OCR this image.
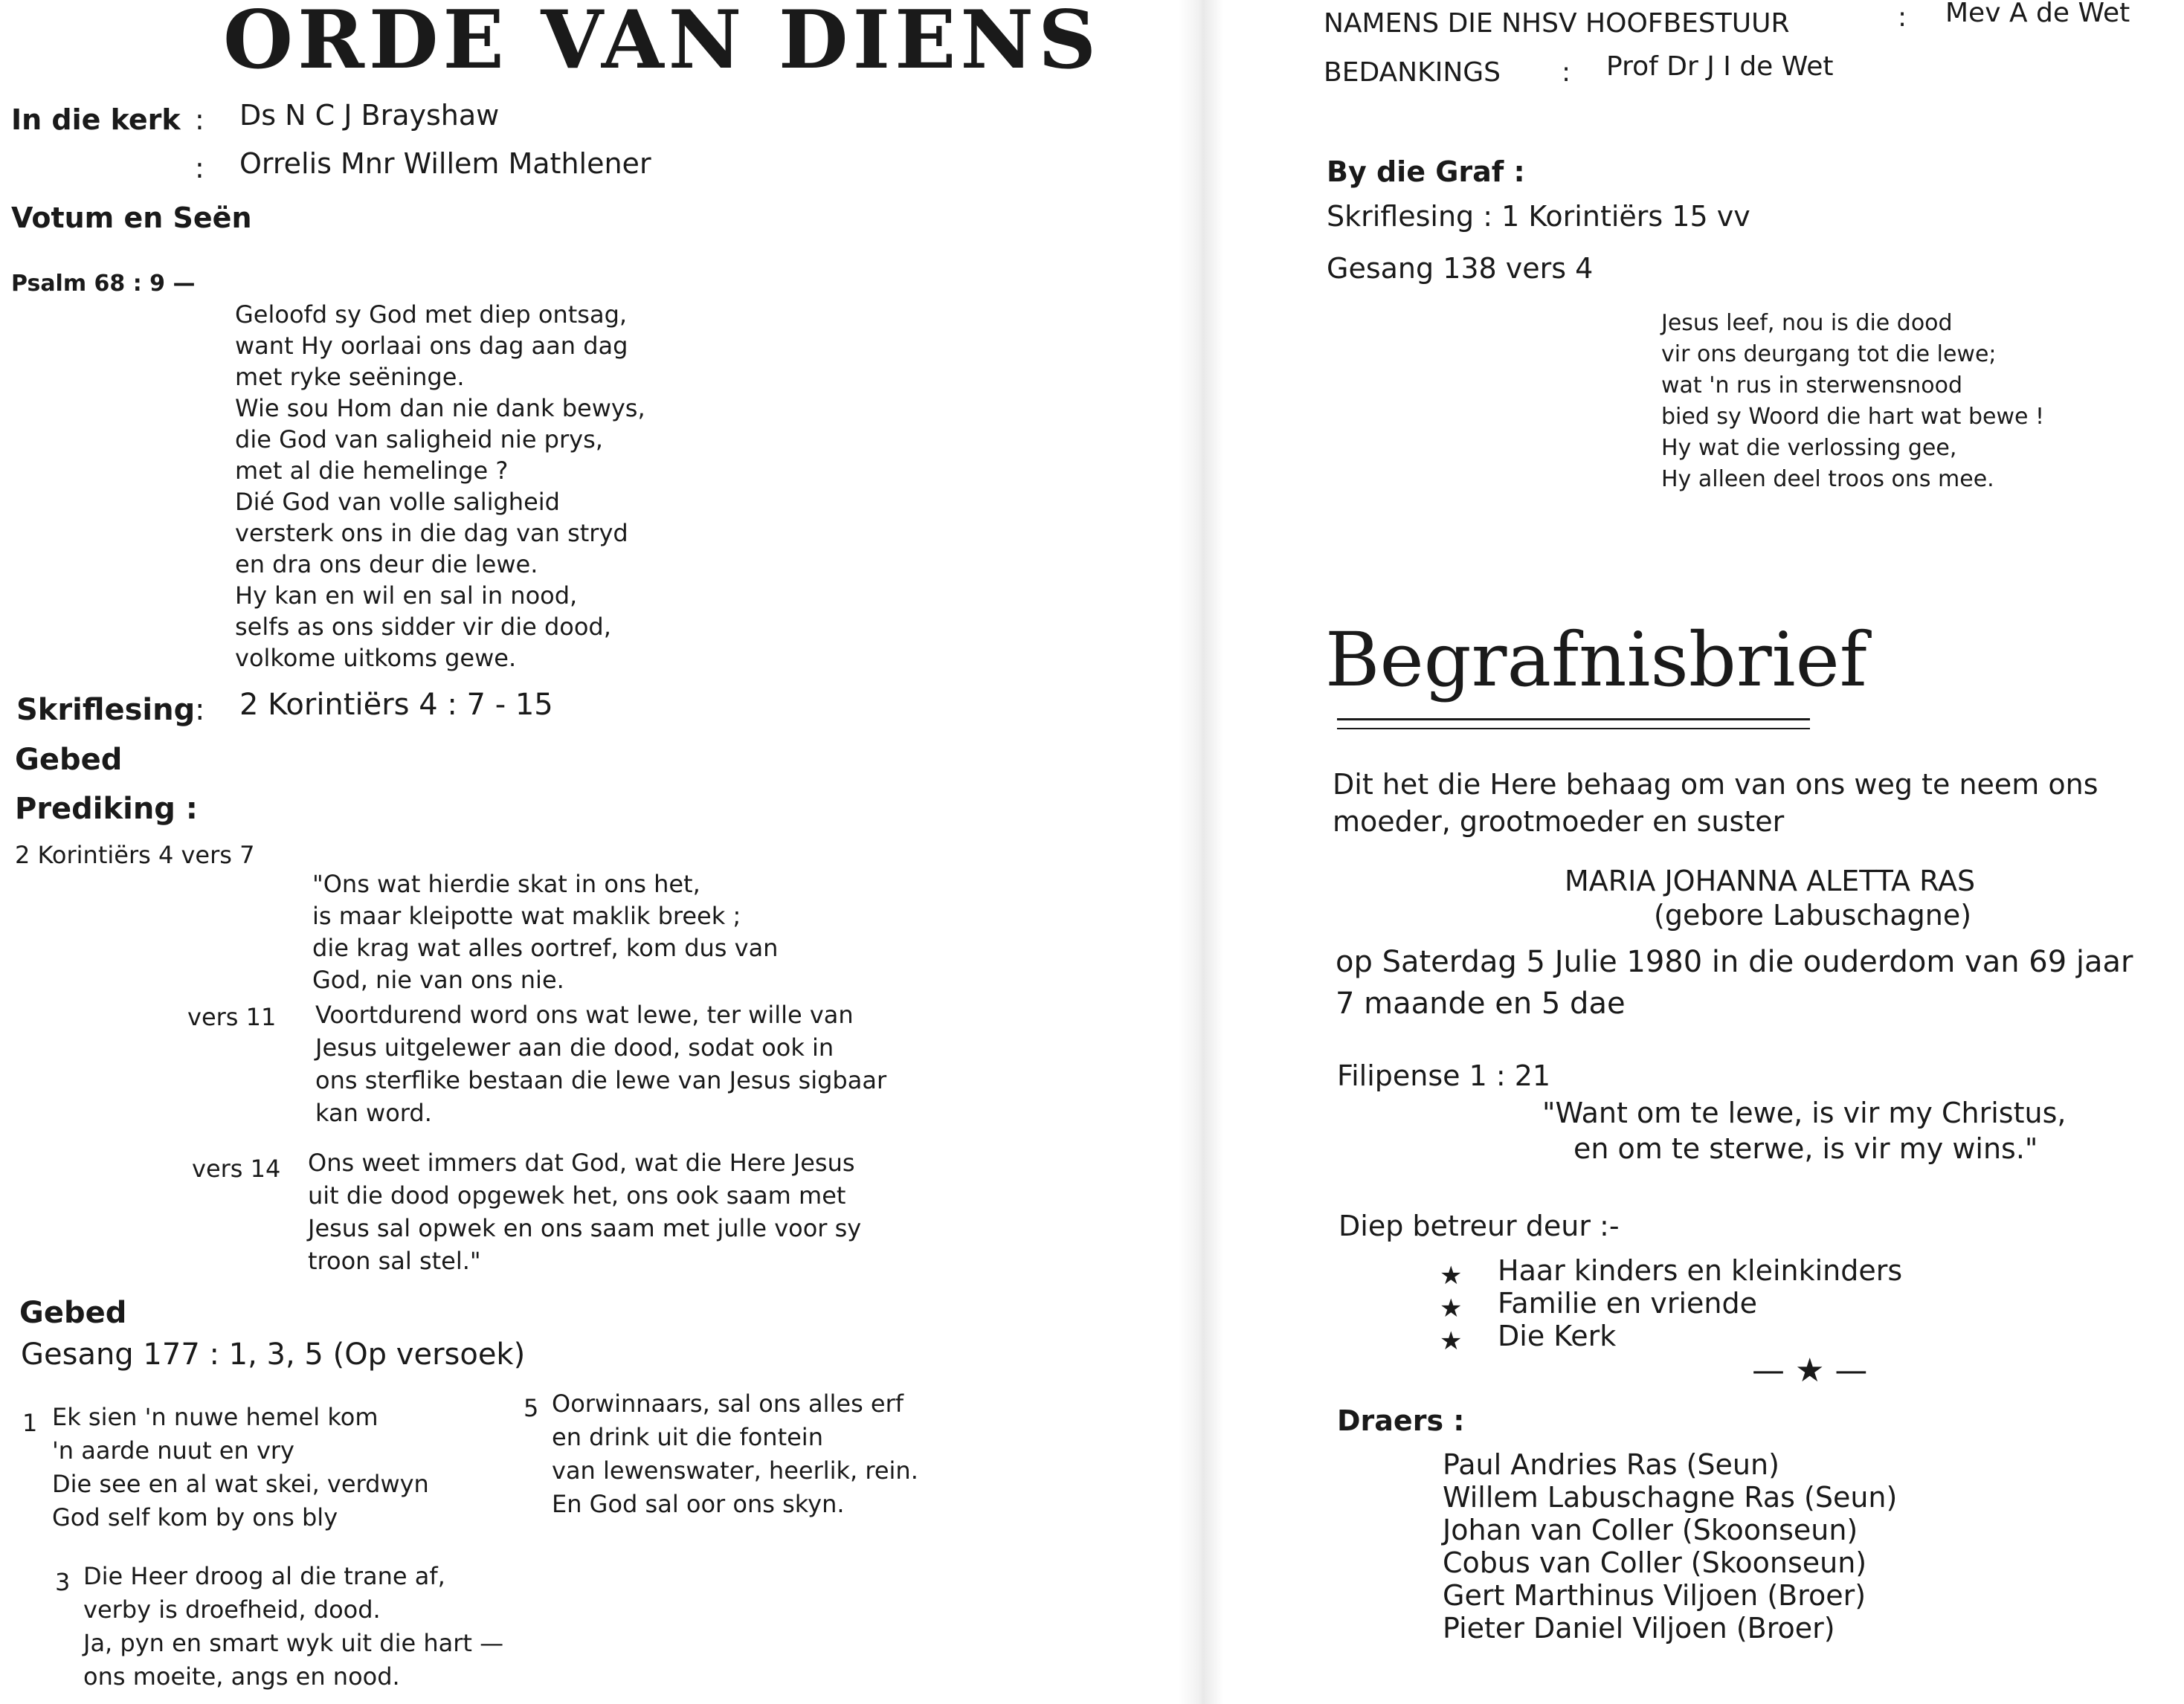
ORDE VAN DIENS
In die kerk : Ds N C J Brayshaw
: Orrelis Mnr Willem Mathlener
Votum en Seën
Psalm 68 : 9 —
Geloofd sy God met diep ontsag,
want Hy oorlaai ons dag aan dag
met ryke seëninge.
Wie sou Hom dan nie dank bewys,
die God van saligheid nie prys,
met al die hemelinge ?
Dié God van volle saligheid
versterk ons in die dag van stryd
en dra ons deur die lewe.
Hy kan en wil en sal in nood,
selfs as ons sidder vir die dood,
volkome uitkoms gewe.
Skriflesing : 2 Korintiërs 4 : 7 - 15
Gebed
Prediking :
2 Korintiërs 4 vers 7
"Ons wat hierdie skat in ons het,
is maar kleipotte wat maklik breek ;
die krag wat alles oortref, kom dus van
God, nie van ons nie.
vers 11 Voortdurend word ons wat lewe, ter wille van
Jesus uitgelewer aan die dood, sodat ook in
ons sterflike bestaan die lewe van Jesus sigbaar
kan word.
vers 14 Ons weet immers dat God, wat die Here Jesus
uit die dood opgewek het, ons ook saam met
Jesus sal opwek en ons saam met julle voor sy
troon sal stel."
Gebed
Gesang 177 : 1, 3, 5 (Op versoek)
1 Ek sien 'n nuwe hemel kom
'n aarde nuut en vry
Die see en al wat skei, verdwyn
God self kom by ons bly
5 Oorwinnaars, sal ons alles erf
en drink uit die fontein
van lewenswater, heerlik, rein.
En God sal oor ons skyn.
3 Die Heer droog al die trane af,
verby is droefheid, dood.
Ja, pyn en smart wyk uit die hart —
ons moeite, angs en nood.
NAMENS DIE NHSV HOOFBESTUUR	: Mev A de Wet
BEDANKINGS : Prof Dr J I de Wet
By die Graf :
Skriflesing : 1 Korintiërs 15 vv
Gesang 138 vers 4
Jesus leef, nou is die dood
vir ons deurgang tot die lewe;
wat 'n rus in sterwensnood
bied sy Woord die hart wat bewe !
Hy wat die verlossing gee,
Hy alleen deel troos ons mee.
Begrafnisbrief
Dit het die Here behaag om van ons weg te neem ons
moeder, grootmoeder en suster
MARIA JOHANNA ALETTA RAS
(gebore Labuschagne)
op Saterdag 5 Julie 1980 in die ouderdom van 69 jaar
7 maande en 5 dae
Filipense 1 : 21
"Want om te lewe, is vir my Christus,
en om te sterwe, is vir my wins."
Diep betreur deur :-
★ Haar kinders en kleinkinders
★ Familie en vriende
★ Die Kerk
— ★ —
Draers :
Paul Andries Ras (Seun)
Willem Labuschagne Ras (Seun)
Johan van Coller (Skoonseun)
Cobus van Coller (Skoonseun)
Gert Marthinus Viljoen (Broer)
Pieter Daniel Viljoen (Broer)
